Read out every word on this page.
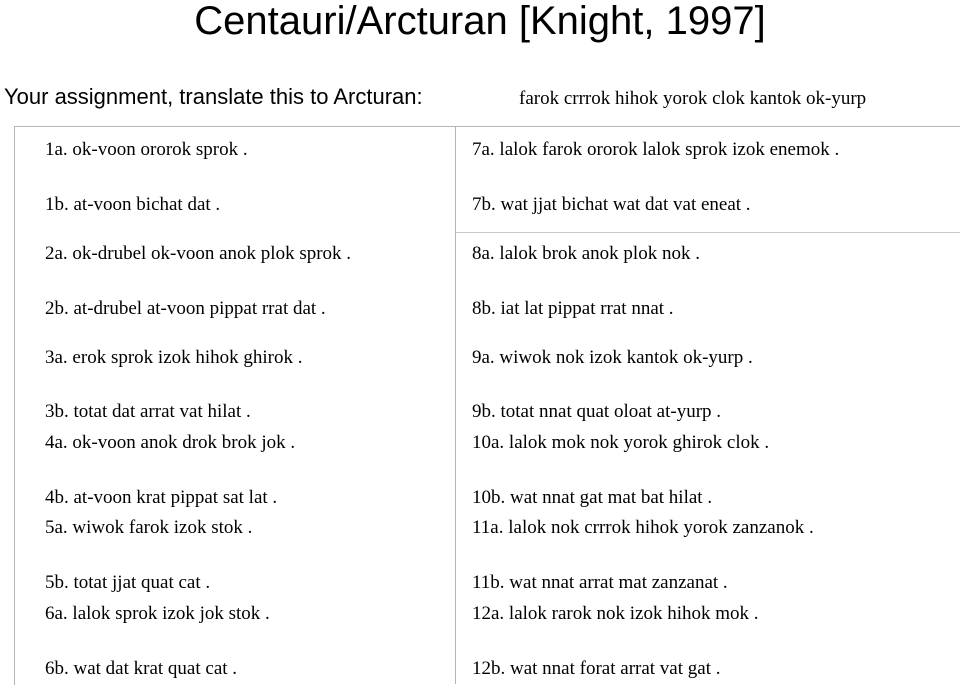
Centauri/Arcturan [Knight, 1997]
Your assignment, translate this to Arcturan:	farok crrrok hihok yorok clok kantok ok-yurp
1a. ok-voon ororok sprok .
1b. at-voon bichat dat .
2a. ok-drubel ok-voon anok plok sprok .
2b. at-drubel at-voon pippat rrat dat .
3a. erok sprok izok hihok ghirok .
3b. totat dat arrat vat hilat .
4a. ok-voon anok drok brok jok .
4b. at-voon krat pippat sat lat .
5a. wiwok farok izok stok .
5b. totat jjat quat cat .
6a. lalok sprok izok jok stok .
6b. wat dat krat quat cat .
7a. lalok farok ororok lalok sprok izok enemok .
7b. wat jjat bichat wat dat vat eneat .
8a. lalok brok anok plok nok .
8b. iat lat pippat rrat nnat .
9a. wiwok nok izok kantok ok-yurp .
9b. totat nnat quat oloat at-yurp .
10a. lalok mok nok yorok ghirok clok .
10b. wat nnat gat mat bat hilat .
11a. lalok nok crrrok hihok yorok zanzanok .
11b. wat nnat arrat mat zanzanat .
12a. lalok rarok nok izok hihok mok .
12b. wat nnat forat arrat vat gat .
